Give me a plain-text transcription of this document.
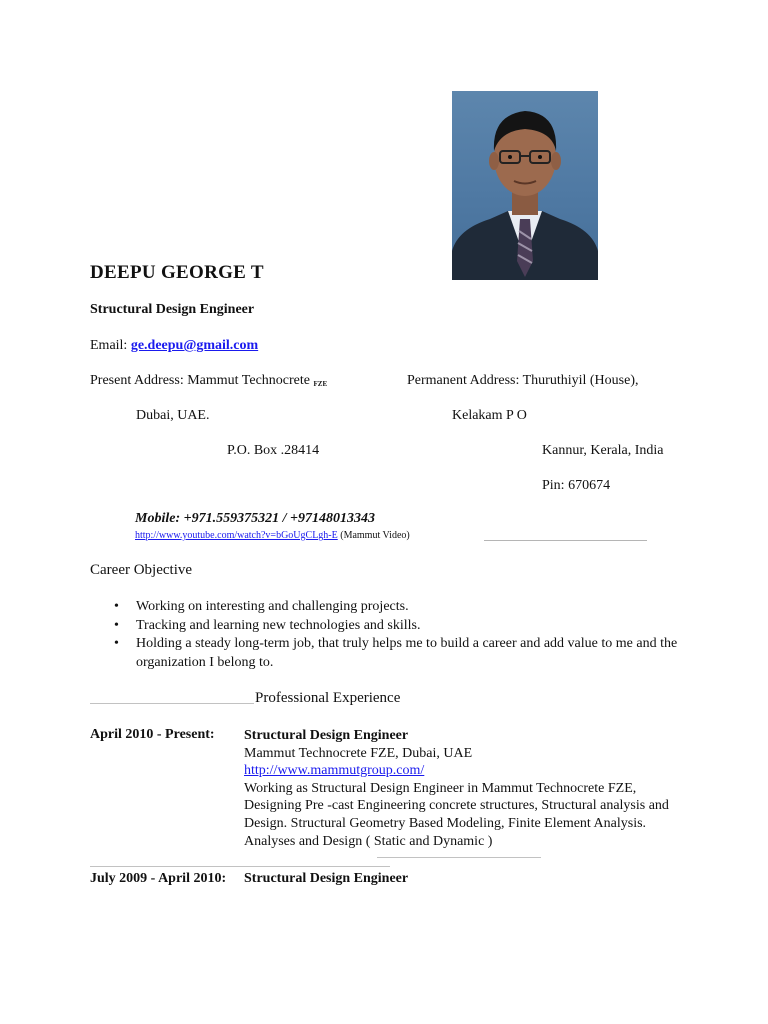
DEEPU GEORGE T
Structural Design Engineer
Email: ge.deepu@gmail.com
Present Address: Mammut Technocrete FZE
Dubai, UAE.
P.O. Box .28414
Permanent Address: Thuruthiyil (House),
Kelakam P O
Kannur, Kerala, India
Pin: 670674
Mobile: +971.559375321 / +97148013343
http://www.youtube.com/watch?v=bGoUgCLgh-E (Mammut Video)
Career Objective
• Working on interesting and challenging projects.
• Tracking and learning new technologies and skills.
• Holding a steady long-term job, that truly helps me to build a career and add value to me and the organization I belong to.
Professional Experience
April 2010 - Present: Structural Design Engineer
Mammut Technocrete FZE, Dubai, UAE
http://www.mammutgroup.com/
Working as Structural Design Engineer in Mammut Technocrete FZE, Designing Pre -cast Engineering concrete structures, Structural analysis and Design. Structural Geometry Based Modeling, Finite Element Analysis. Analyses and Design ( Static and Dynamic )
July 2009 - April 2010: Structural Design Engineer
